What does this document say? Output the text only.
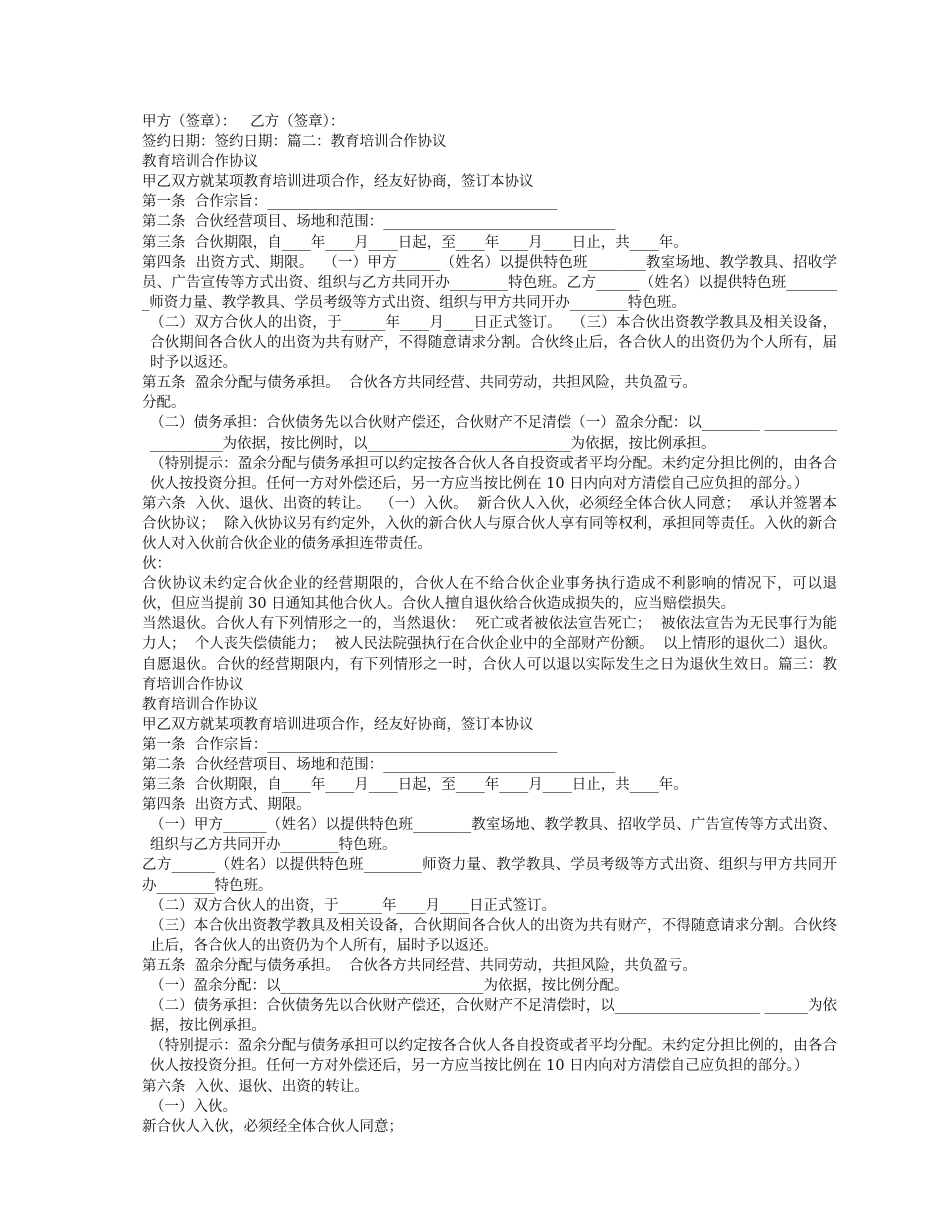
甲方（签章）：   乙方（签章）：

签约日期：签约日期：篇二：教育培训合作协议

教育培训合作协议

甲乙双方就某项教育培训进项合作，经友好协商，签订本协议

第一条  合作宗旨：________________________________________

第二条  合伙经营项目、场地和范围：________________________________

第三条  合伙期限，自____年____月____日起，至____年____月____日止，共____年。

第四条  出资方式、期限。  （一）甲方______（姓名）以提供特色班________教室场地、教学教具、招收学员、广告宣传等方式出资、组织与乙方共同开办________特色班。乙方______（姓名）以提供特色班________师资力量、教学教具、学员考级等方式出资、组织与甲方共同开办________特色班。

（二）双方合伙人的出资，于______年____月____日正式签订。  （三）本合伙出资教学教具及相关设备，合伙期间各合伙人的出资为共有财产，不得随意请求分割。合伙终止后，各合伙人的出资仍为个人所有，届时予以返还。

第五条  盈余分配与债务承担。  合伙各方共同经营、共同劳动，共担风险，共负盈亏。

分配。

（二）债务承担：合伙债务先以合伙财产偿还，合伙财产不足清偿（一）盈余分配：以________ ____________________为依据，按比例时，以____________________________为依据，按比例承担。

（特别提示：盈余分配与债务承担可以约定按各合伙人各自投资或者平均分配。未约定分担比例的，由各合伙人按投资分担。任何一方对外偿还后，另一方应当按比例在 10 日内向对方清偿自己应负担的部分。）

第六条  入伙、退伙、出资的转让。  （一）入伙。  新合伙人入伙，必须经全体合伙人同意；  承认并签署本合伙协议；  除入伙协议另有约定外，入伙的新合伙人与原合伙人享有同等权利，承担同等责任。入伙的新合伙人对入伙前合伙企业的债务承担连带责任。

伙：

合伙协议未约定合伙企业的经营期限的，合伙人在不给合伙企业事务执行造成不利影响的情况下，可以退伙，但应当提前 30 日通知其他合伙人。合伙人擅自退伙给合伙造成损失的，应当赔偿损失。

当然退伙。合伙人有下列情形之一的，当然退伙：  死亡或者被依法宣告死亡；  被依法宣告为无民事行为能力人；  个人丧失偿债能力；  被人民法院强执行在合伙企业中的全部财产份额。  以上情形的退伙二）退伙。  自愿退伙。合伙的经营期限内，有下列情形之一时，合伙人可以退以实际发生之日为退伙生效日。篇三：教育培训合作协议

教育培训合作协议

甲乙双方就某项教育培训进项合作，经友好协商，签订本协议

第一条  合作宗旨：________________________________________

第二条  合伙经营项目、场地和范围：________________________________

第三条  合伙期限，自____年____月____日起，至____年____月____日止，共____年。

第四条  出资方式、期限。

（一）甲方______（姓名）以提供特色班________教室场地、教学教具、招收学员、广告宣传等方式出资、组织与乙方共同开办________特色班。

乙方______（姓名）以提供特色班________师资力量、教学教具、学员考级等方式出资、组织与甲方共同开办________特色班。

（二）双方合伙人的出资，于______年____月____日正式签订。

（三）本合伙出资教学教具及相关设备，合伙期间各合伙人的出资为共有财产，不得随意请求分割。合伙终止后，各合伙人的出资仍为个人所有，届时予以返还。

第五条  盈余分配与债务承担。  合伙各方共同经营、共同劳动，共担风险，共负盈亏。

（一）盈余分配：以____________________________为依据，按比例分配。

（二）债务承担：合伙债务先以合伙财产偿还，合伙财产不足清偿时，以____________________ ______为依据，按比例承担。

（特别提示：盈余分配与债务承担可以约定按各合伙人各自投资或者平均分配。未约定分担比例的，由各合伙人按投资分担。任何一方对外偿还后，另一方应当按比例在 10 日内向对方清偿自己应负担的部分。）

第六条  入伙、退伙、出资的转让。

（一）入伙。

新合伙人入伙，必须经全体合伙人同意；
